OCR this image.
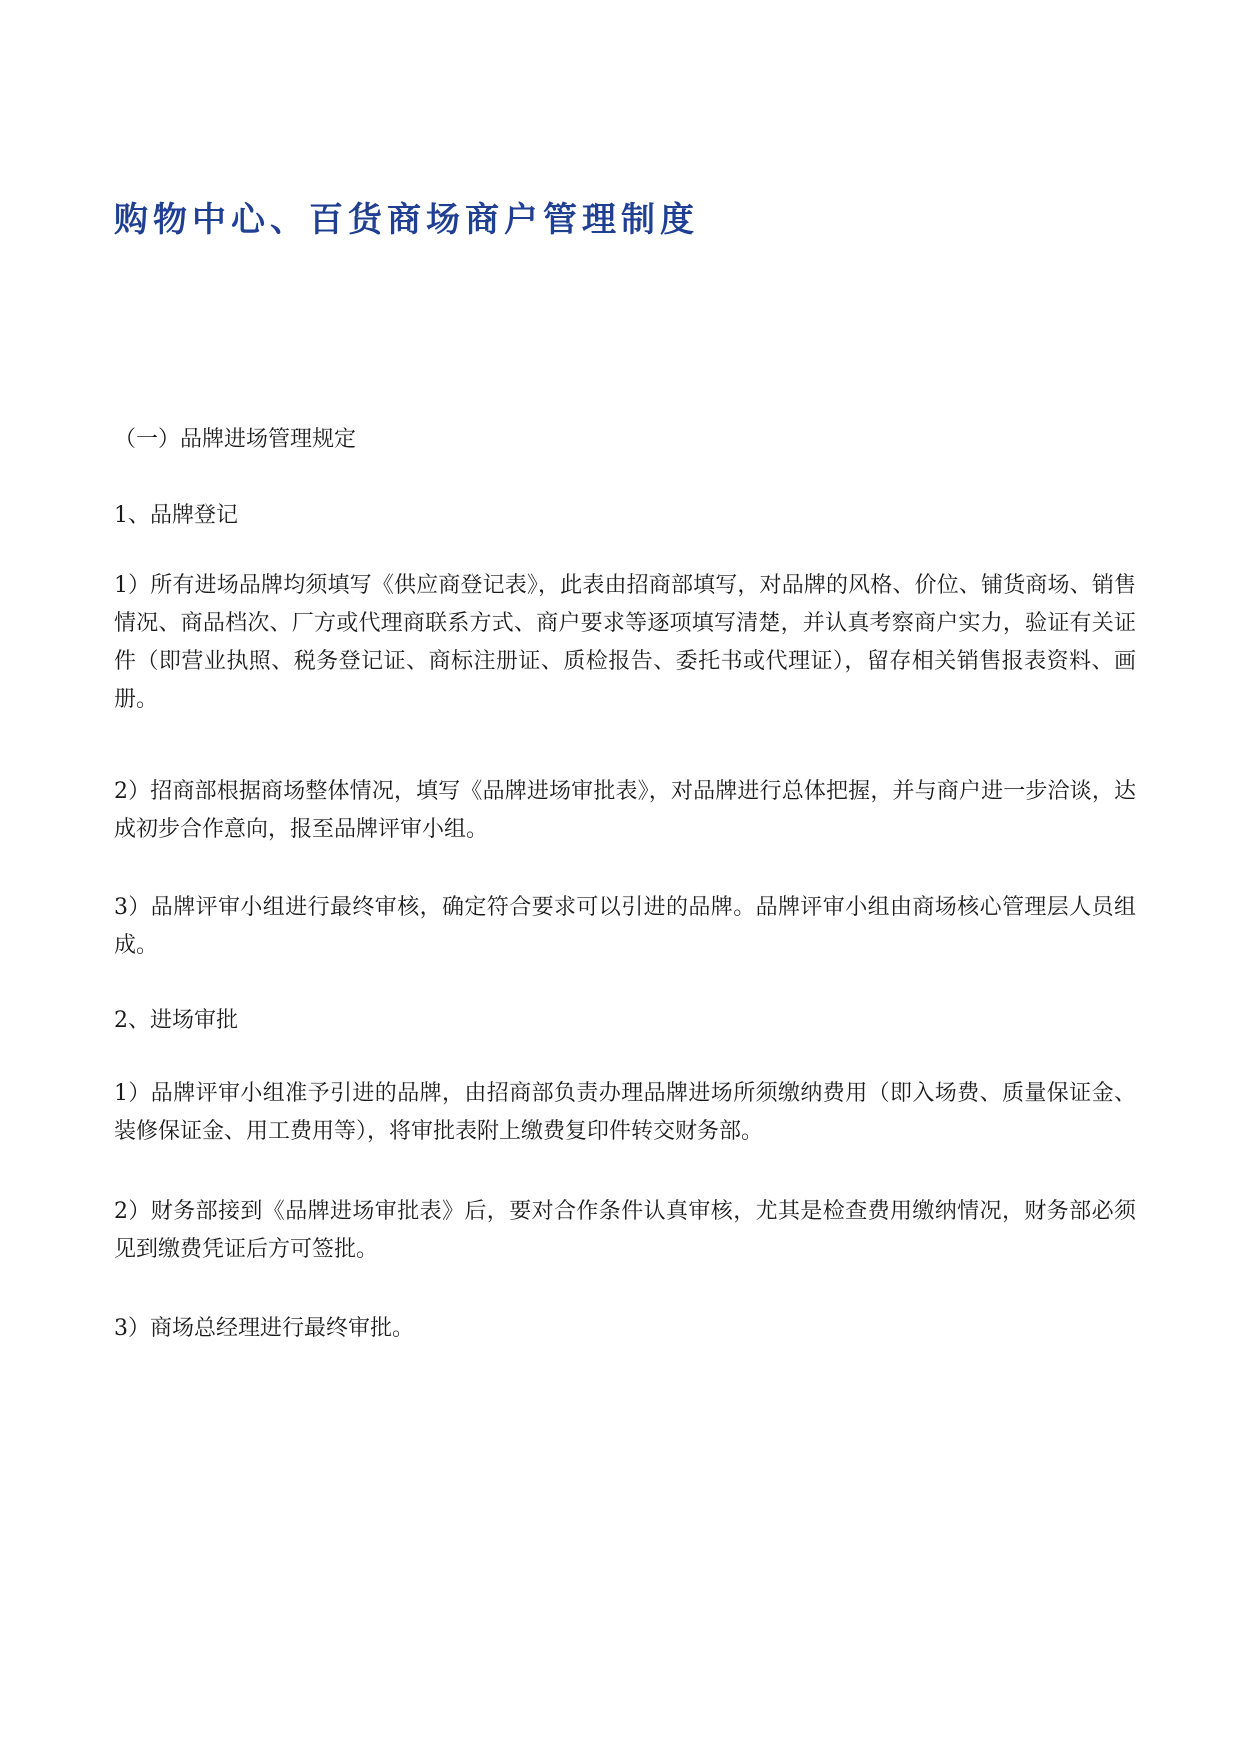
购物中心、百货商场商户管理制度

（一）品牌进场管理规定

1、品牌登记

1）所有进场品牌均须填写《供应商登记表》，此表由招商部填写，对品牌的风格、价位、铺货商场、销售情况、商品档次、厂方或代理商联系方式、商户要求等逐项填写清楚，并认真考察商户实力，验证有关证件（即营业执照、税务登记证、商标注册证、质检报告、委托书或代理证），留存相关销售报表资料、画册。

2）招商部根据商场整体情况，填写《品牌进场审批表》，对品牌进行总体把握，并与商户进一步洽谈，达成初步合作意向，报至品牌评审小组。

3）品牌评审小组进行最终审核，确定符合要求可以引进的品牌。品牌评审小组由商场核心管理层人员组成。

2、进场审批

1）品牌评审小组准予引进的品牌，由招商部负责办理品牌进场所须缴纳费用（即入场费、质量保证金、装修保证金、用工费用等），将审批表附上缴费复印件转交财务部。

2）财务部接到《品牌进场审批表》后，要对合作条件认真审核，尤其是检查费用缴纳情况，财务部必须见到缴费凭证后方可签批。

3）商场总经理进行最终审批。
